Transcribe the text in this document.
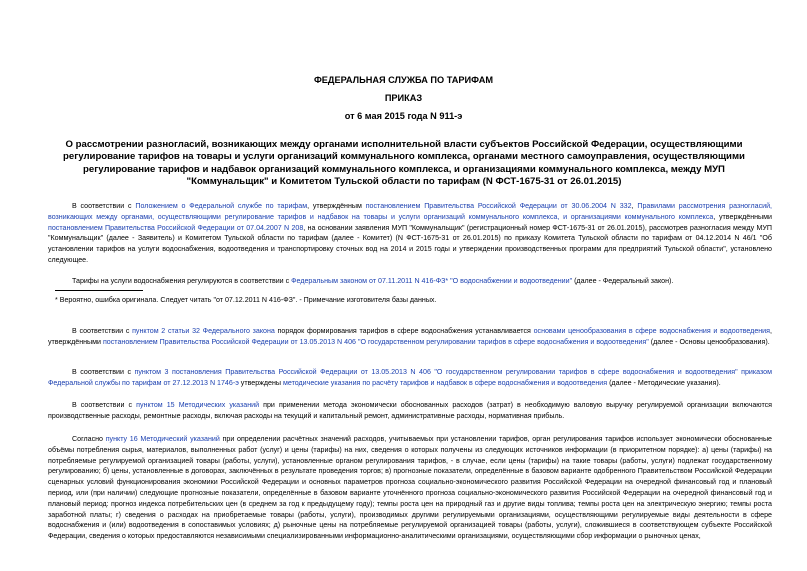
ФЕДЕРАЛЬНАЯ СЛУЖБА ПО ТАРИФАМ
ПРИКАЗ
от 6 мая 2015 года N 911-э
О рассмотрении разногласий, возникающих между органами исполнительной власти субъектов Российской Федерации, осуществляющими регулирование тарифов на товары и услуги организаций коммунального комплекса, органами местного самоуправления, осуществляющими регулирование тарифов и надбавок организаций коммунального комплекса, и организациями коммунального комплекса, между МУП "Коммунальщик" и Комитетом Тульской области по тарифам (N ФСТ-1675-31 от 26.01.2015)
В соответствии с Положением о Федеральной службе по тарифам, утверждённым постановлением Правительства Российской Федерации от 30.06.2004 N 332, Правилами рассмотрения разногласий, возникающих между органами, осуществляющими регулирование тарифов и надбавок на товары и услуги организаций коммунального комплекса, и организациями коммунального комплекса, утверждёнными постановлением Правительства Российской Федерации от 07.04.2007 N 208, на основании заявления МУП "Коммунальщик" (регистрационный номер ФСТ-1675-31 от 26.01.2015), рассмотрев разногласия между МУП "Коммунальщик" (далее - Заявитель) и Комитетом Тульской области по тарифам (далее - Комитет) (N ФСТ-1675-31 от 26.01.2015) по приказу Комитета Тульской области по тарифам от 04.12.2014 N 46/1 "Об установлении тарифов на услуги водоснабжения, водоотведения и транспортировку сточных вод на 2014 и 2015 годы и утверждении производственных программ для предприятий Тульской области", установлено следующее.
Тарифы на услуги водоснабжения регулируются в соответствии с Федеральным законом от 07.11.2011 N 416-ФЗ* "О водоснабжении и водоотведении" (далее - Федеральный закон).
* Вероятно, ошибка оригинала. Следует читать "от 07.12.2011 N 416-ФЗ". - Примечание изготовителя базы данных.
В соответствии с пунктом 2 статьи 32 Федерального закона порядок формирования тарифов в сфере водоснабжения устанавливается основами ценообразования в сфере водоснабжения и водоотведения, утверждёнными постановлением Правительства Российской Федерации от 13.05.2013 N 406 "О государственном регулировании тарифов в сфере водоснабжения и водоотведения" (далее - Основы ценообразования).
В соответствии с пунктом 3 постановления Правительства Российской Федерации от 13.05.2013 N 406 "О государственном регулировании тарифов в сфере водоснабжения и водоотведения" приказом Федеральной службы по тарифам от 27.12.2013 N 1746-э утверждены методические указания по расчёту тарифов и надбавок в сфере водоснабжения и водоотведения (далее - Методические указания).
В соответствии с пунктом 15 Методических указаний при применении метода экономически обоснованных расходов (затрат) в необходимую валовую выручку регулируемой организации включаются производственные расходы, ремонтные расходы, включая расходы на текущий и капитальный ремонт, административные расходы, нормативная прибыль.
Согласно пункту 16 Методический указаний при определении расчётных значений расходов, учитываемых при установлении тарифов, орган регулирования тарифов использует экономически обоснованные объёмы потребления сырья, материалов, выполненных работ (услуг) и цены (тарифы) на них, сведения о которых получены из следующих источников информации (в приоритетном порядке): а) цены (тарифы) на потребляемые регулируемой организацией товары (работы, услуги), установленные органом регулирования тарифов, - в случае, если цены (тарифы) на такие товары (работы, услуги) подлежат государственному регулированию; б) цены, установленные в договорах, заключённых в результате проведения торгов; в) прогнозные показатели, определённые в базовом варианте одобренного Правительством Российской Федерации сценарных условий функционирования экономики Российской Федерации и основных параметров прогноза социально-экономического развития Российской Федерации на очередной финансовый год и плановый период, или (при наличии) следующие прогнозные показатели, определённые в базовом варианте уточнённого прогноза социально-экономического развития Российской Федерации на очередной финансовый год и плановый период: прогноз индекса потребительских цен (в среднем за год к предыдущему году); темпы роста цен на природный газ и другие виды топлива; темпы роста цен на электрическую энергию; темпы роста заработной платы; г) сведения о расходах на приобретаемые товары (работы, услуги), производимых другими регулируемыми организациями, осуществляющими регулируемые виды деятельности в сфере водоснабжения и (или) водоотведения в сопоставимых условиях; д) рыночные цены на потребляемые регулируемой организацией товары (работы, услуги), сложившиеся в соответствующем субъекте Российской Федерации, сведения о которых предоставляются независимыми специализированными информационно-аналитическими организациями, осуществляющими сбор информации о рыночных ценах,
